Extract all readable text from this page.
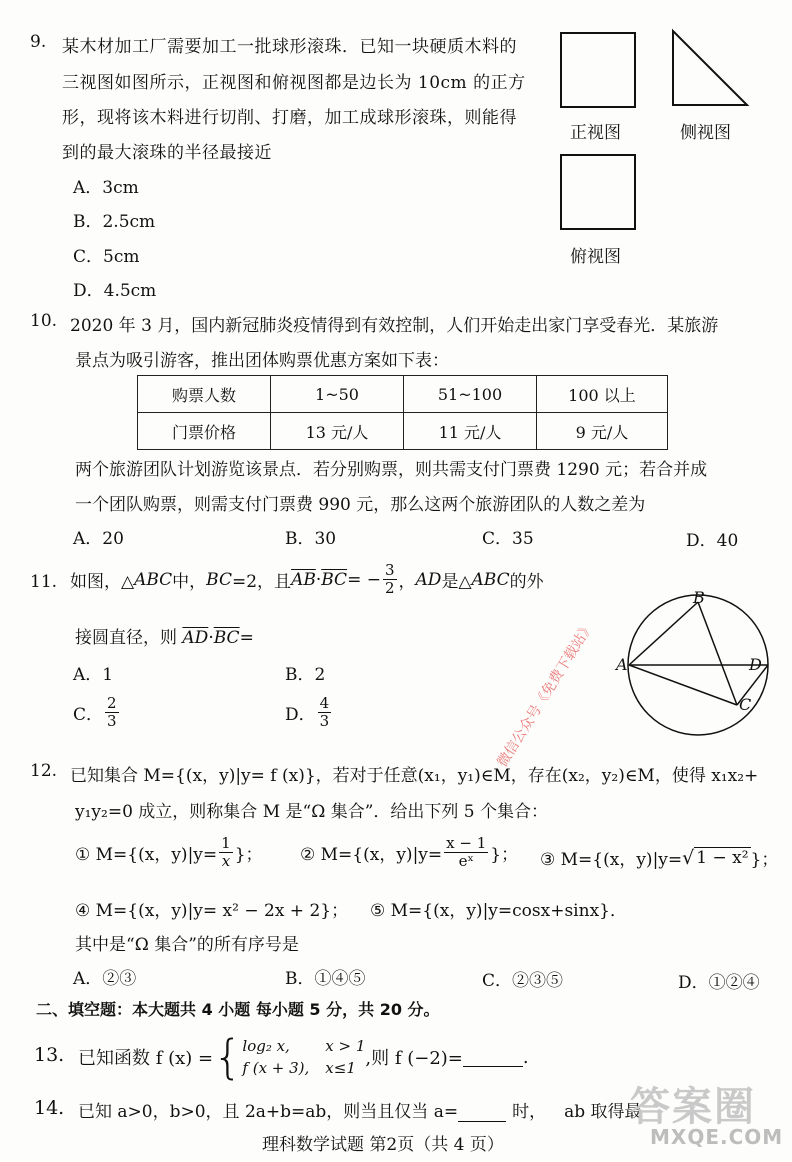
9. 某木材加工厂需要加工一批球形滚珠．已知一块硬质木料的
三视图如图所示，正视图和俯视图都是边长为 10cm 的正方
形，现将该木料进行切削、打磨，加工成球形滚珠，则能得
到的最大滚珠的半径最接近
A．3cm
B．2.5cm
C．5cm
D．4.5cm
正视图	侧视图
俯视图
10. 2020 年 3 月，国内新冠肺炎疫情得到有效控制，人们开始走出家门享受春光．某旅游
景点为吸引游客，推出团体购票优惠方案如下表：
购票人数	1~50	51~100	100 以上
门票价格	13 元/人	11 元/人	9 元/人
两个旅游团队计划游览该景点．若分别购票，则共需支付门票费 1290 元；若合并成
一个团队购票，则需支付门票费 990 元，那么这两个旅游团队的人数之差为
A．20	B．30	C．35	D．40
11. 如图，△ ABC 中， BC =2，且 $\overline{AB} \cdot \overline{BC}$ = − $\frac{3}{2}$ ， AD 是△ ABC 的外
接圆直径，则 $\overline{AD}\cdot\overline{BC}=$
A．1	B．2
C． $\frac{2}{3}$	D． $\frac{4}{3}$
B
A	D
C
微信公众号《免费下载站》
12. 已知集合 M={(x，y)|y= f (x)}，若对于任意(x₁，y₁)∈M，存在(x₂，y₂)∈M，使得 x₁x₂+
y₁y₂=0 成立，则称集合 M 是“Ω 集合”．给出下列 5 个集合：
① M={(x，$y)|y= \frac{1}{x}$ }； ② M={(x，$y)|y= \frac{x - 1}{\text{eˣ}}$ }； ③ M={(x，y)|y= √ 1 − x² }；
④ M={(x，y)|y= x² − 2x + 2}； ⑤ M={(x，y)|y=cosx+sinx}．
其中是“Ω 集合”的所有序号是
A．②③	B．①④⑤	C．②③⑤	D．①②④
二、填空题：本大题共 4 小题 每小题 5 分，共 20 分。
13. 已知函数 f (x) = { log₂ x,	x > 1
f (x + 3), x≤1 ,则 f (−2)=	.
14. 已知 a>0，b>0，且 2a+b=ab，则当且仅当 a=	时， ab 取得最
理科数学试题 第2页（共 4 页）
答案圈
MXQE.COM
